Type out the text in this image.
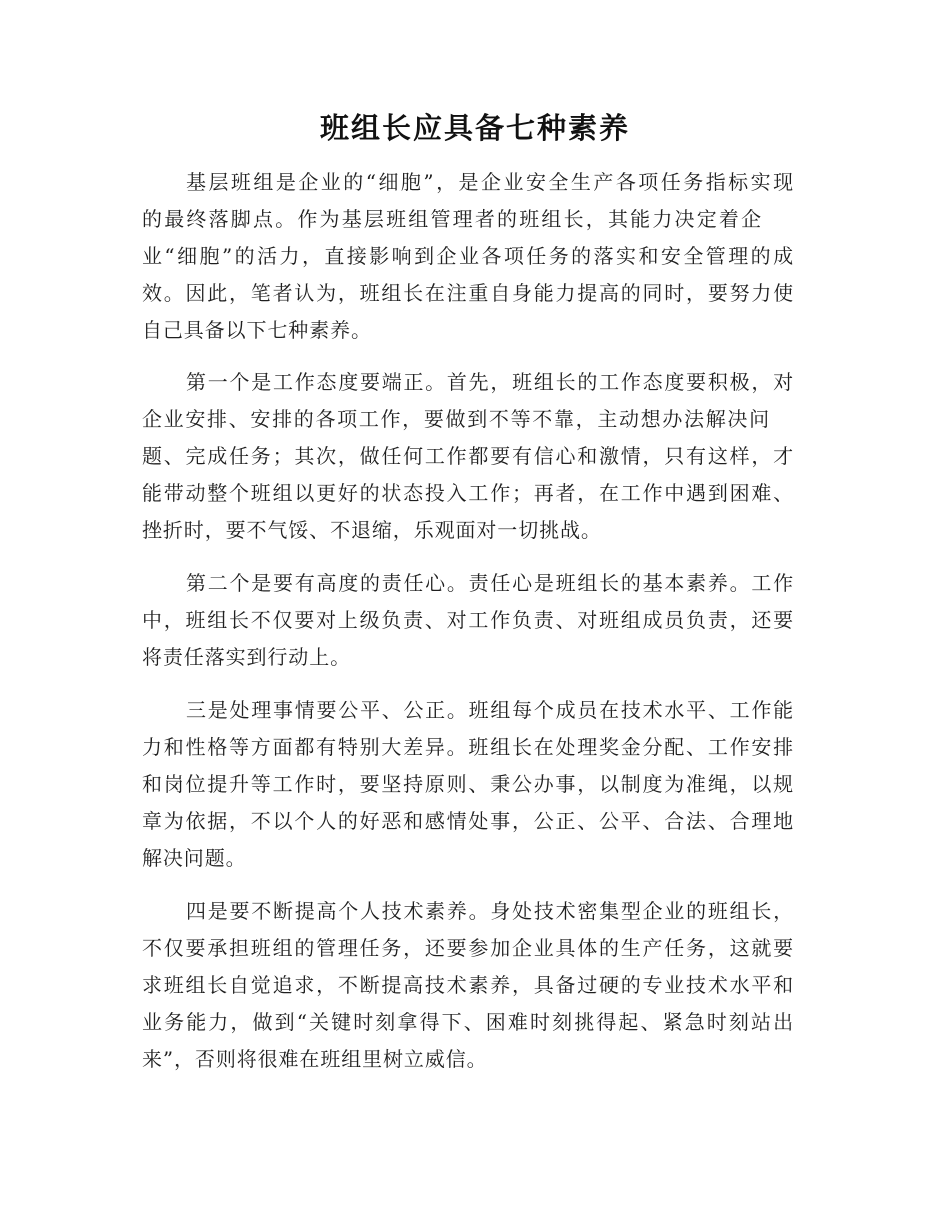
班组长应具备七种素养
基层班组是企业的“细胞”，是企业安全生产各项任务指标实现
的最终落脚点。作为基层班组管理者的班组长，其能力决定着企
业“细胞”的活力，直接影响到企业各项任务的落实和安全管理的成
效。因此，笔者认为，班组长在注重自身能力提高的同时，要努力使
自己具备以下七种素养。
第一个是工作态度要端正。首先，班组长的工作态度要积极，对
企业安排、安排的各项工作，要做到不等不靠，主动想办法解决问
题、完成任务；其次，做任何工作都要有信心和激情，只有这样，才
能带动整个班组以更好的状态投入工作；再者，在工作中遇到困难、
挫折时，要不气馁、不退缩，乐观面对一切挑战。
第二个是要有高度的责任心。责任心是班组长的基本素养。工作
中，班组长不仅要对上级负责、对工作负责、对班组成员负责，还要
将责任落实到行动上。
三是处理事情要公平、公正。班组每个成员在技术水平、工作能
力和性格等方面都有特别大差异。班组长在处理奖金分配、工作安排
和岗位提升等工作时，要坚持原则、秉公办事，以制度为准绳，以规
章为依据，不以个人的好恶和感情处事，公正、公平、合法、合理地
解决问题。
四是要不断提高个人技术素养。身处技术密集型企业的班组长，
不仅要承担班组的管理任务，还要参加企业具体的生产任务，这就要
求班组长自觉追求，不断提高技术素养，具备过硬的专业技术水平和
业务能力，做到“关键时刻拿得下、困难时刻挑得起、紧急时刻站出
来”，否则将很难在班组里树立威信。
